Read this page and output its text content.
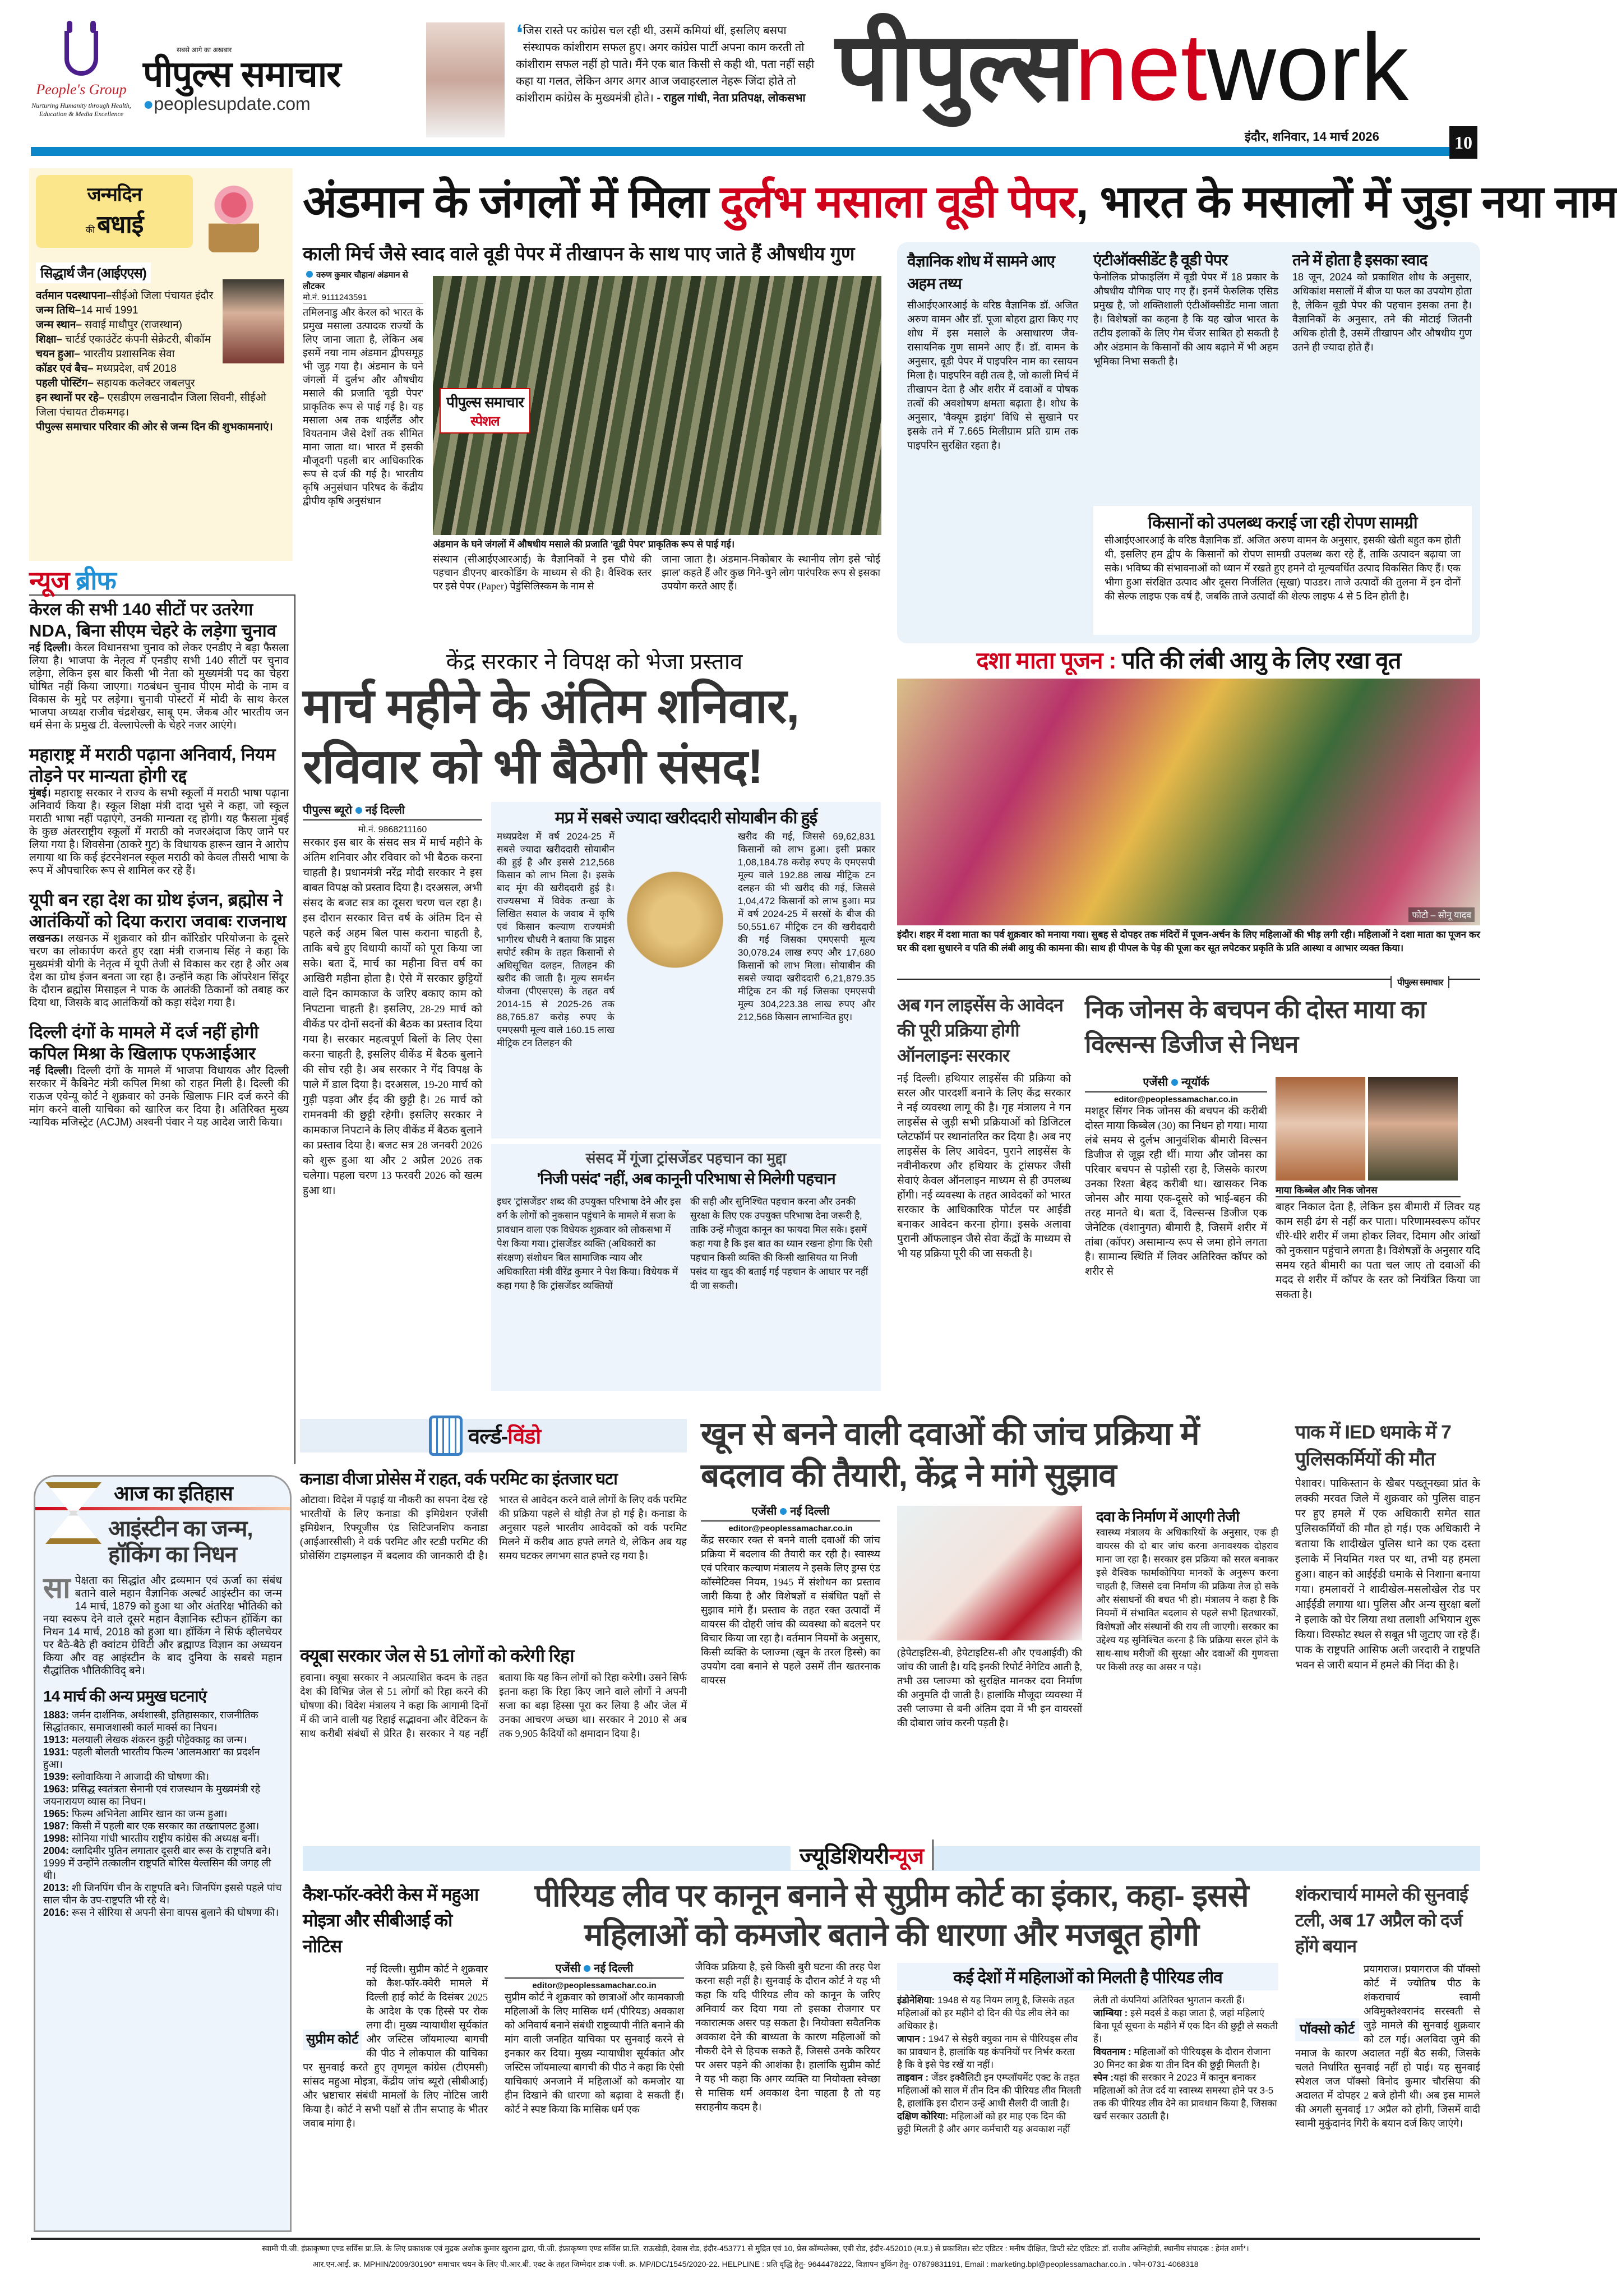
People's Group
Nurturing Humanity through Health, Education & Media Excellence
सबसे आगे का अखबार
पीपुल्स समाचार
●peoplesupdate.com
❛ जिस रास्ते पर कांग्रेस चल रही थी, उसमें कमियां थीं, इसलिए बसपा संस्थापक कांशीराम सफल हुए। अगर कांग्रेस पार्टी अपना काम करती तो कांशीराम सफल नहीं हो पाते। मैंने एक बात किसी से कही थी, पता नहीं सही कहा या गलत, लेकिन अगर अगर आज जवाहरलाल नेहरू जिंदा होते तो कांशीराम कांग्रेस के मुख्यमंत्री होते। - राहुल गांधी, नेता प्रतिपक्ष, लोकसभा पीपुल्सnetwork
इंदौर, शनिवार, 14 मार्च 2026	10
जन्मदिन
की बधाई
सिद्धार्थ जैन (आईएएस)
वर्तमान पदस्थापना–सीईओ जिला पंचायत इंदौर
जन्म तिथि–14 मार्च 1991
जन्म स्थान– सवाई माधौपुर (राजस्थान)
शिक्षा– चार्टर्ड एकाउंटेंट कंपनी सेक्रेटरी, बीकॉम
चयन हुआ– भारतीय प्रशासनिक सेवा
कॉडर एवं बैच– मध्यप्रदेश, वर्ष 2018
पहली पोस्टिंग– सहायक कलेक्टर जबलपुर
इन स्थानों पर रहे– एसडीएम लखनादौन जिला सिवनी, सीईओ जिला पंचायत टीकमगढ़।
पीपुल्स समाचार परिवार की ओर से जन्म दिन की शुभकामनाएं।
न्यूज ब्रीफ
केरल की सभी 140 सीटों पर उतरेगा NDA, बिना सीएम चेहरे के लड़ेगा चुनाव
नई दिल्ली। केरल विधानसभा चुनाव को लेकर एनडीए ने बड़ा फैसला लिया है। भाजपा के नेतृत्व में एनडीए सभी 140 सीटों पर चुनाव लड़ेगा, लेकिन इस बार किसी भी नेता को मुख्यमंत्री पद का चेहरा घोषित नहीं किया जाएगा। गठबंधन चुनाव पीएम मोदी के नाम व विकास के मुद्दे पर लड़ेगा। चुनावी पोस्टरों में मोदी के साथ केरल भाजपा अध्यक्ष राजीव चंद्रशेखर, साबू एम. जैकब और भारतीय जन धर्म सेना के प्रमुख टी. वेल्लापेल्ली के चेहरे नजर आएंगे।
महाराष्ट्र में मराठी पढ़ाना अनिवार्य, नियम तोड़ने पर मान्यता होगी रद्द
मुंबई। महाराष्ट्र सरकार ने राज्य के सभी स्कूलों में मराठी भाषा पढ़ाना अनिवार्य किया है। स्कूल शिक्षा मंत्री दादा भुसे ने कहा, जो स्कूल मराठी भाषा नहीं पढ़ाएंगे, उनकी मान्यता रद्द होगी। यह फैसला मुंबई के कुछ अंतरराष्ट्रीय स्कूलों में मराठी को नजरअंदाज किए जाने पर लिया गया है। शिवसेना (ठाकरे गुट) के विधायक हारून खान ने आरोप लगाया था कि कई इंटरनेशनल स्कूल मराठी को केवल तीसरी भाषा के रूप में औपचारिक रूप से शामिल कर रहे हैं।
यूपी बन रहा देश का ग्रोथ इंजन, ब्रह्मोस ने आतंकियों को दिया करारा जवाबः राजनाथ
लखनऊ। लखनऊ में शुक्रवार को ग्रीन कॉरिडोर परियोजना के दूसरे चरण का लोकार्पण करते हुए रक्षा मंत्री राजनाथ सिंह ने कहा कि मुख्यमंत्री योगी के नेतृत्व में यूपी तेजी से विकास कर रहा है और अब देश का ग्रोथ इंजन बनता जा रहा है। उन्होंने कहा कि ऑपरेशन सिंदूर के दौरान ब्रह्मोस मिसाइल ने पाक के आतंकी ठिकानों को तबाह कर दिया था, जिसके बाद आतंकियों को कड़ा संदेश गया है।
दिल्ली दंगों के मामले में दर्ज नहीं होगी कपिल मिश्रा के खिलाफ एफआईआर
नई दिल्ली। दिल्ली दंगों के मामले में भाजपा विधायक और दिल्ली सरकार में कैबिनेट मंत्री कपिल मिश्रा को राहत मिली है। दिल्ली की राऊज एवेन्यू कोर्ट ने शुक्रवार को उनके खिलाफ FIR दर्ज करने की मांग करने वाली याचिका को खारिज कर दिया है। अतिरिक्त मुख्य न्यायिक मजिस्ट्रेट (ACJM) अश्वनी पंवार ने यह आदेश जारी किया।
आज का इतिहास
आइंस्टीन का जन्म, हॉकिंग का निधन
सापेक्षता का सिद्धांत और द्रव्यमान एवं ऊर्जा का संबंध बताने वाले महान वैज्ञानिक अल्बर्ट आइंस्टीन का जन्म 14 मार्च, 1879 को हुआ था और अंतरिक्ष भौतिकी को नया स्वरूप देने वाले दूसरे महान वैज्ञानिक स्टीफन हॉकिंग का निधन 14 मार्च, 2018 को हुआ था। हॉकिंग ने सिर्फ व्हीलचेयर पर बैठे-बैठे ही क्वांटम ग्रेविटी और ब्रह्माण्ड विज्ञान का अध्ययन किया और वह आइंस्टीन के बाद दुनिया के सबसे महान सैद्धांतिक भौतिकीविद् बने।
14 मार्च की अन्य प्रमुख घटनाएं
1883: जर्मन दार्शनिक, अर्थशास्त्री, इतिहासकार, राजनीतिक सिद्धांतकार, समाजशास्त्री कार्ल मार्क्स का निधन।
1913: मलयाली लेखक शंकरन कुट्टी पोट्टेक्काट्ट का जन्म।
1931: पहली बोलती भारतीय फिल्म 'आलमआरा' का प्रदर्शन हुआ।
1939: स्लोवाकिया ने आजादी की घोषणा की।
1963: प्रसिद्ध स्वतंत्रता सेनानी एवं राजस्थान के मुख्यमंत्री रहे जयनारायण व्यास का निधन।
1965: फिल्म अभिनेता आमिर खान का जन्म हुआ।
1987: किसी में पहली बार एक सरकार का तख्तापलट हुआ।
1998: सोनिया गांधी भारतीय राष्ट्रीय कांग्रेस की अध्यक्ष बनीं।
2004: व्लादिमीर पुतिन लगातार दूसरी बार रूस के राष्ट्रपति बने। 1999 में उन्होंने तत्कालीन राष्ट्रपति बोरिस येल्तसिन की जगह ली थी।
2013: शी जिनपिंग चीन के राष्ट्रपति बने। जिनपिंग इससे पहले पांच साल चीन के उप-राष्ट्रपति भी रहे थे।
2016: रूस ने सीरिया से अपनी सेना वापस बुलाने की घोषणा की।
अंडमान के जंगलों में मिला दुर्लभ मसाला वूडी पेपर, भारत के मसालों में जुड़ा नया नाम
काली मिर्च जैसे स्वाद वाले वूडी पेपर में तीखापन के साथ पाए जाते हैं औषधीय गुण
वरुण कुमार चौहान/ अंडमान से लौटकर
मो.नं. 9111243591
तमिलनाडु और केरल को भारत के प्रमुख मसाला उत्पादक राज्यों के लिए जाना जाता है, लेकिन अब इसमें नया नाम अंडमान द्वीपसमूह भी जुड़ गया है। अंडमान के घने जंगलों में दुर्लभ और औषधीय मसाले की प्रजाति 'वूडी पेपर' प्राकृतिक रूप से पाई गई है। यह मसाला अब तक थाईलैंड और वियतनाम जैसे देशों तक सीमित माना जाता था। भारत में इसकी मौजूदगी पहली बार आधिकारिक रूप से दर्ज की गई है। भारतीय कृषि अनुसंधान परिषद के केंद्रीय द्वीपीय कृषि अनुसंधान
पीपुल्स समाचार
स्पेशल
अंडमान के घने जंगलों में औषधीय मसाले की प्रजाति 'वूडी पेपर' प्राकृतिक रूप से पाई गई।
संस्थान (सीआईएआरआई) के वैज्ञानिकों ने इस पौधे की पहचान डीएनए बारकोडिंग के माध्यम से की है। वैश्विक स्तर पर इसे पेपर (Paper) पेडुंसिलिस्कम के नाम से
जाना जाता है। अंडमान-निकोबार के स्थानीय लोग इसे 'चोई झाल' कहते हैं और कुछ गिने-चुने लोग पारंपरिक रूप से इसका उपयोग करते आए हैं।
वैज्ञानिक शोध में सामने आए अहम तथ्य
सीआईएआरआई के वरिष्ठ वैज्ञानिक डॉ. अजित अरुण वामन और डॉ. पूजा बोहरा द्वारा किए गए शोध में इस मसाले के असाधारण जैव-रासायनिक गुण सामने आए हैं। डॉ. वामन के अनुसार, वूडी पेपर में पाइपरिन नाम का रसायन मिला है। पाइपरिन वही तत्व है, जो काली मिर्च में तीखापन देता है और शरीर में दवाओं व पोषक तत्वों की अवशोषण क्षमता बढ़ाता है। शोध के अनुसार, 'वैक्यूम ड्राइंग' विधि से सुखाने पर इसके तने में 7.665 मिलीग्राम प्रति ग्राम तक पाइपरिन सुरक्षित रहता है।
एंटीऑक्सीडेंट है वूडी पेपर
फेनोलिक प्रोफाइलिंग में वूडी पेपर में 18 प्रकार के औषधीय यौगिक पाए गए हैं। इनमें फेरुलिक एसिड प्रमुख है, जो शक्तिशाली एंटीऑक्सीडेंट माना जाता है। विशेषज्ञों का कहना है कि यह खोज भारत के तटीय इलाकों के लिए गेम चेंजर साबित हो सकती है और अंडमान के किसानों की आय बढ़ाने में भी अहम भूमिका निभा सकती है।
तने में होता है इसका स्वाद
18 जून, 2024 को प्रकाशित शोध के अनुसार, अधिकांश मसालों में बीज या फल का उपयोग होता है, लेकिन वूडी पेपर की पहचान इसका तना है। वैज्ञानिकों के अनुसार, तने की मोटाई जितनी अधिक होती है, उसमें तीखापन और औषधीय गुण उतने ही ज्यादा होते हैं।
किसानों को उपलब्ध कराई जा रही रोपण सामग्री
सीआईएआरआई के वरिष्ठ वैज्ञानिक डॉ. अजित अरुण वामन के अनुसार, इसकी खेती बहुत कम होती थी, इसलिए हम द्वीप के किसानों को रोपण सामग्री उपलब्ध करा रहे हैं, ताकि उत्पादन बढ़ाया जा सके। भविष्य की संभावनाओं को ध्यान में रखते हुए हमने दो मूल्यवर्धित उत्पाद विकसित किए हैं। एक भीगा हुआ संरक्षित उत्पाद और दूसरा निर्जलित (सूखा) पाउडर। ताजे उत्पादों की तुलना में इन दोनों की सेल्फ लाइफ एक वर्ष है, जबकि ताजे उत्पादों की शेल्फ लाइफ 4 से 5 दिन होती है।
केंद्र सरकार ने विपक्ष को भेजा प्रस्ताव
मार्च महीने के अंतिम शनिवार, रविवार को भी बैठेगी संसद!
पीपुल्स ब्यूरो नई दिल्ली
मो.नं. 9868211160
सरकार इस बार के संसद सत्र में मार्च महीने के अंतिम शनिवार और रविवार को भी बैठक करना चाहती है। प्रधानमंत्री नरेंद्र मोदी सरकार ने इस बाबत विपक्ष को प्रस्ताव दिया है। दरअसल, अभी संसद के बजट सत्र का दूसरा चरण चल रहा है। इस दौरान सरकार वित्त वर्ष के अंतिम दिन से पहले कई अहम बिल पास कराना चाहती है, ताकि बचे हुए विधायी कार्यों को पूरा किया जा सके। बता दें, मार्च का महीना वित्त वर्ष का आखिरी महीना होता है। ऐसे में सरकार छुट्टियों वाले दिन कामकाज के जरिए बकाए काम को निपटाना चाहती है। इसलिए, 28-29 मार्च को वीकेंड पर दोनों सदनों की बैठक का प्रस्ताव दिया गया है। सरकार महत्वपूर्ण बिलों के लिए ऐसा करना चाहती है, इसलिए वीकेंड में बैठक बुलाने की सोच रही है। अब सरकार ने गेंद विपक्ष के पाले में डाल दिया है। दरअसल, 19-20 मार्च को गुड़ी पड़वा और ईद की छुट्टी है। 26 मार्च को रामनवमी की छुट्टी रहेगी। इसलिए सरकार ने कामकाज निपटाने के लिए वीकेंड में बैठक बुलाने का प्रस्ताव दिया है। बजट सत्र 28 जनवरी 2026 को शुरू हुआ था और 2 अप्रैल 2026 तक चलेगा। पहला चरण 13 फरवरी 2026 को खत्म हुआ था।
मप्र में सबसे ज्यादा खरीददारी सोयाबीन की हुई
मध्यप्रदेश में वर्ष 2024-25 में सबसे ज्यादा खरीददारी सोयाबीन की हुई है और इससे 212,568 किसान को लाभ मिला है। इसके बाद मूंग की खरीददारी हुई है। राज्यसभा में विवेक तन्खा के लिखित सवाल के जवाब में कृषि एवं किसान कल्याण राज्यमंत्री भागीरथ चौधरी ने बताया कि प्राइस सपोर्ट स्कीम के तहत किसानों से अधिसूचित दलहन, तिलहन की खरीद की जाती है। मूल्य समर्थन योजना (पीएसएस) के तहत वर्ष 2014-15 से 2025-26 तक 88,765.87 करोड़ रुपए के एमएसपी मूल्य वाले 160.15 लाख मीट्रिक टन तिलहन की
खरीद की गई, जिससे 69,62,831 किसानों को लाभ हुआ। इसी प्रकार 1,08,184.78 करोड़ रुपए के एमएसपी मूल्य वाले 192.88 लाख मीट्रिक टन दलहन की भी खरीद की गई, जिससे 1,04,472 किसानों को लाभ हुआ। मप्र में वर्ष 2024-25 में सरसों के बीज की 50,551.67 मीट्रिक टन की खरीददारी की गई जिसका एमएसपी मूल्य 30,078.24 लाख रुपए और 17,680 किसानों को लाभ मिला। सोयाबीन की सबसे ज्यादा खरीददारी 6,21,879.35 मीट्रिक टन की गई जिसका एमएसपी मूल्य 304,223.38 लाख रुपए और 212,568 किसान लाभान्वित हुए।
संसद में गूंजा ट्रांसजेंडर पहचान का मुद्दा
'निजी पसंद' नहीं, अब कानूनी परिभाषा से मिलेगी पहचान
इधर 'ट्रांसजेंडर' शब्द की उपयुक्त परिभाषा देने और इस वर्ग के लोगों को नुकसान पहुंचाने के मामले में सजा के प्रावधान वाला एक विधेयक शुक्रवार को लोकसभा में पेश किया गया। ट्रांसजेंडर व्यक्ति (अधिकारों का संरक्षण) संशोधन बिल सामाजिक न्याय और अधिकारिता मंत्री वीरेंद्र कुमार ने पेश किया। विधेयक में कहा गया है कि ट्रांसजेंडर व्यक्तियों
की सही और सुनिश्चित पहचान करना और उनकी सुरक्षा के लिए एक उपयुक्त परिभाषा देना जरूरी है, ताकि उन्हें मौजूदा कानून का फायदा मिल सके। इसमें कहा गया है कि इस बात का ध्यान रखना होगा कि ऐसी पहचान किसी व्यक्ति की किसी खासियत या निजी पसंद या खुद की बताई गई पहचान के आधार पर नहीं दी जा सकती।
दशा माता पूजन : पति की लंबी आयु के लिए रखा वृत
फोटो – सोनू यादव
इंदौर। शहर में दशा माता का पर्व शुक्रवार को मनाया गया। सुबह से दोपहर तक मंदिरों में पूजन-अर्चन के लिए महिलाओं की भीड़ लगी रही। महिलाओं ने दशा माता का पूजन कर घर की दशा सुधारने व पति की लंबी आयु की कामना की। साथ ही पीपल के पेड़ की पूजा कर सूत लपेटकर प्रकृति के प्रति आस्था व आभार व्यक्त किया।
पीपुल्स समाचार
अब गन लाइसेंस के आवेदन की पूरी प्रक्रिया होगी ऑनलाइनः सरकार
नई दिल्ली। हथियार लाइसेंस की प्रक्रिया को सरल और पारदर्शी बनाने के लिए केंद्र सरकार ने नई व्यवस्था लागू की है। गृह मंत्रालय ने गन लाइसेंस से जुड़ी सभी प्रक्रियाओं को डिजिटल प्लेटफॉर्म पर स्थानांतरित कर दिया है। अब नए लाइसेंस के लिए आवेदन, पुराने लाइसेंस के नवीनीकरण और हथियार के ट्रांसफर जैसी सेवाएं केवल ऑनलाइन माध्यम से ही उपलब्ध होंगी। नई व्यवस्था के तहत आवेदकों को भारत सरकार के आधिकारिक पोर्टल पर आईडी बनाकर आवेदन करना होगा। इसके अलावा पुरानी ऑफलाइन जैसे सेवा केंद्रों के माध्यम से भी यह प्रक्रिया पूरी की जा सकती है।
निक जोनस के बचपन की दोस्त माया का विल्सन्स डिजीज से निधन
एजेंसी न्यूयॉर्क
editor@peoplessamachar.co.in
मशहूर सिंगर निक जोनस की बचपन की करीबी दोस्त माया किब्बेल (30) का निधन हो गया। माया लंबे समय से दुर्लभ आनुवंशिक बीमारी विल्सन डिजीज से जूझ रही थीं। माया और जोनस का परिवार बचपन से पड़ोसी रहा है, जिसके कारण उनका रिश्ता बेहद करीबी था। खासकर निक जोनस और माया एक-दूसरे को भाई-बहन की तरह मानते थे। बता दें, विल्सन्स डिजीज एक जेनेटिक (वंशानुगत) बीमारी है, जिसमें शरीर में तांबा (कॉपर) असामान्य रूप से जमा होने लगता है। सामान्य स्थिति में लिवर अतिरिक्त कॉपर को शरीर से
माया किब्बेल और निक जोनस
बाहर निकाल देता है, लेकिन इस बीमारी में लिवर यह काम सही ढंग से नहीं कर पाता। परिणामस्वरूप कॉपर धीरे-धीरे शरीर में जमा होकर लिवर, दिमाग और आंखों को नुकसान पहुंचाने लगता है। विशेषज्ञों के अनुसार यदि समय रहते बीमारी का पता चल जाए तो दवाओं की मदद से शरीर में कॉपर के स्तर को नियंत्रित किया जा सकता है।
वर्ल्ड-विंडो
कनाडा वीजा प्रोसेस में राहत, वर्क परमिट का इंतजार घटा
ओटावा। विदेश में पढ़ाई या नौकरी का सपना देख रहे भारतीयों के लिए कनाडा की इमिग्रेशन एजेंसी इमिग्रेशन, रिफ्यूजीस एंड सिटिजनशिप कनाडा (आईआरसीसी) ने वर्क परमिट और स्टडी परमिट की प्रोसेसिंग टाइमलाइन में बदलाव की जानकारी दी है। भारत से आवेदन करने वाले लोगों के लिए वर्क परमिट की प्रक्रिया पहले से थोड़ी तेज हो गई है। कनाडा के अनुसार पहले भारतीय आवेदकों को वर्क परमिट मिलने में करीब आठ हफ्ते लगते थे, लेकिन अब यह समय घटकर लगभग सात हफ्ते रह गया है।
क्यूबा सरकार जेल से 51 लोगों को करेगी रिहा
हवाना। क्यूबा सरकार ने अप्रत्याशित कदम के तहत देश की विभिन्न जेल से 51 लोगों को रिहा करने की घोषणा की। विदेश मंत्रालय ने कहा कि आगामी दिनों में की जाने वाली यह रिहाई सद्भावना और वेटिकन के साथ करीबी संबंधों से प्रेरित है। सरकार ने यह नहीं बताया कि यह किन लोगों को रिहा करेगी। उसने सिर्फ इतना कहा कि रिहा किए जाने वाले लोगों ने अपनी सजा का बड़ा हिस्सा पूरा कर लिया है और जेल में उनका आचरण अच्छा था। सरकार ने 2010 से अब तक 9,905 कैदियों को क्षमादान दिया है।
खून से बनने वाली दवाओं की जांच प्रक्रिया में बदलाव की तैयारी, केंद्र ने मांगे सुझाव
एजेंसी नई दिल्ली
editor@peoplessamachar.co.in
केंद्र सरकार रक्त से बनने वाली दवाओं की जांच प्रक्रिया में बदलाव की तैयारी कर रही है। स्वास्थ्य एवं परिवार कल्याण मंत्रालय ने इसके लिए ड्रग्स एंड कॉस्मेटिक्स नियम, 1945 में संशोधन का प्रस्ताव जारी किया है और विशेषज्ञों व संबंधित पक्षों से सुझाव मांगे हैं। प्रस्ताव के तहत रक्त उत्पादों में वायरस की दोहरी जांच की व्यवस्था को बदलने पर विचार किया जा रहा है। वर्तमान नियमों के अनुसार, किसी व्यक्ति के प्लाज्मा (खून के तरल हिस्से) का उपयोग दवा बनाने से पहले उसमें तीन खतरनाक वायरस
(हेपेटाइटिस-बी, हेपेटाइटिस-सी और एचआईवी) की जांच की जाती है। यदि इनकी रिपोर्ट नेगेटिव आती है, तभी उस प्लाज्मा को सुरक्षित मानकर दवा निर्माण की अनुमति दी जाती है। हालांकि मौजूदा व्यवस्था में उसी प्लाज्मा से बनी अंतिम दवा में भी इन वायरसों की दोबारा जांच करनी पड़ती है।
दवा के निर्माण में आएगी तेजी
स्वास्थ्य मंत्रालय के अधिकारियों के अनुसार, एक ही वायरस की दो बार जांच करना अनावश्यक दोहराव माना जा रहा है। सरकार इस प्रक्रिया को सरल बनाकर इसे वैश्विक फार्माकोपिया मानकों के अनुरूप करना चाहती है, जिससे दवा निर्माण की प्रक्रिया तेज हो सके और संसाधनों की बचत भी हो। मंत्रालय ने कहा है कि नियमों में संभावित बदलाव से पहले सभी हितधारकों, विशेषज्ञों और संस्थानों की राय ली जाएगी। सरकार का उद्देश्य यह सुनिश्चित करना है कि प्रक्रिया सरल होने के साथ-साथ मरीजों की सुरक्षा और दवाओं की गुणवत्ता पर किसी तरह का असर न पड़े।
पाक में IED धमाके में 7 पुलिसकर्मियों की मौत
पेशावर। पाकिस्तान के खैबर पख्तूनख्वा प्रांत के लक्की मरवत जिले में शुक्रवार को पुलिस वाहन पर हुए हमले में एक अधिकारी समेत सात पुलिसकर्मियों की मौत हो गई। एक अधिकारी ने बताया कि शादीखेल पुलिस थाने का एक दस्ता इलाके में नियमित गश्त पर था, तभी यह हमला हुआ। वाहन को आईईडी धमाके से निशाना बनाया गया। हमलावरों ने शादीखेल-मसलोखेल रोड पर आईईडी लगाया था। पुलिस और अन्य सुरक्षा बलों ने इलाके को घेर लिया तथा तलाशी अभियान शुरू किया। विस्फोट स्थल से सबूत भी जुटाए जा रहे हैं। पाक के राष्ट्रपति आसिफ अली जरदारी ने राष्ट्रपति भवन से जारी बयान में हमले की निंदा की है।
ज्यूडिशियरीन्यूज
कैश-फॉर-क्वेरी केस में महुआ मोइत्रा और सीबीआई को नोटिस
सुप्रीम कोर्ट
नई दिल्ली। सुप्रीम कोर्ट ने शुक्रवार को कैश-फॉर-क्वेरी मामले में दिल्ली हाई कोर्ट के दिसंबर 2025 के आदेश के एक हिस्से पर रोक लगा दी। मुख्य न्यायाधीश सूर्यकांत और जस्टिस जॉयमाल्या बागची की पीठ ने लोकपाल की याचिका पर सुनवाई करते हुए तृणमूल कांग्रेस (टीएमसी) सांसद महुआ मोइत्रा, केंद्रीय जांच ब्यूरो (सीबीआई) और भ्रष्टाचार संबंधी मामलों के लिए नोटिस जारी किया है। कोर्ट ने सभी पक्षों से तीन सप्ताह के भीतर जवाब मांगा है।
पीरियड लीव पर कानून बनाने से सुप्रीम कोर्ट का इंकार, कहा- इससे महिलाओं को कमजोर बताने की धारणा और मजबूत होगी
एजेंसी नई दिल्ली
editor@peoplessamachar.co.in
सुप्रीम कोर्ट ने शुक्रवार को छात्राओं और कामकाजी महिलाओं के लिए मासिक धर्म (पीरियड) अवकाश को अनिवार्य बनाने संबंधी राष्ट्रव्यापी नीति बनाने की मांग वाली जनहित याचिका पर सुनवाई करने से इनकार कर दिया। मुख्य न्यायाधीश सूर्यकांत और जस्टिस जॉयमाल्या बागची की पीठ ने कहा कि ऐसी याचिकाएं अनजाने में महिलाओं को कमजोर या हीन दिखाने की धारणा को बढ़ावा दे सकती हैं। कोर्ट ने स्पष्ट किया कि मासिक धर्म एक
जैविक प्रक्रिया है, इसे किसी बुरी घटना की तरह पेश करना सही नहीं है। सुनवाई के दौरान कोर्ट ने यह भी कहा कि यदि पीरियड लीव को कानून के जरिए अनिवार्य कर दिया गया तो इसका रोजगार पर नकारात्मक असर पड़ सकता है। नियोक्ता सवैतनिक अवकाश देने की बाध्यता के कारण महिलाओं को नौकरी देने से हिचक सकते हैं, जिससे उनके करियर पर असर पड़ने की आशंका है। हालांकि सुप्रीम कोर्ट ने यह भी कहा कि अगर व्यक्ति या नियोक्ता स्वेच्छा से मासिक धर्म अवकाश देना चाहता है तो यह सराहनीय कदम है।
कई देशों में महिलाओं को मिलती है पीरियड लीव
इंडोनेशिया: 1948 से यह नियम लागू है, जिसके तहत महिलाओं को हर महीने दो दिन की पेड लीव लेने का अधिकार है।
जापान : 1947 से सेइरी क्युका नाम से पीरियड्स लीव का प्रावधान है, हालांकि यह कंपनियों पर निर्भर करता है कि वे इसे पेड रखें या नहीं।
ताइवान : जेंडर इक्वैलिटी इन एम्प्लॉयमेंट एक्ट के तहत महिलाओं को साल में तीन दिन की पीरियड लीव मिलती है, हालांकि इस दौरान उन्हें आधी सैलरी दी जाती है।
दक्षिण कोरिया: महिलाओं को हर माह एक दिन की छुट्टी मिलती है और अगर कर्मचारी यह अवकाश नहीं लेती तो कंपनियां अतिरिक्त भुगतान करती हैं।
जाम्बिया : इसे मदर्स डे कहा जाता है, जहां महिलाएं बिना पूर्व सूचना के महीने में एक दिन की छुट्टी ले सकती हैं।
वियतनाम : महिलाओं को पीरियड्स के दौरान रोजाना 30 मिनट का ब्रेक या तीन दिन की छुट्टी मिलती है।
स्पेन :यहां की सरकार ने 2023 में कानून बनाकर महिलाओं को तेज दर्द या स्वास्थ्य समस्या होने पर 3-5 तक की पीरियड लीव देने का प्रावधान किया है, जिसका खर्च सरकार उठाती है।
शंकराचार्य मामले की सुनवाई टली, अब 17 अप्रैल को दर्ज होंगे बयान
पॉक्सो कोर्ट
प्रयागराज। प्रयागराज की पॉक्सो कोर्ट में ज्योतिष पीठ के शंकराचार्य स्वामी अविमुक्तेश्वरानंद सरस्वती से जुड़े मामले की सुनवाई शुक्रवार को टल गई। अलविदा जुमे की नमाज के कारण अदालत नहीं बैठ सकी, जिसके चलते निर्धारित सुनवाई नहीं हो पाई। यह सुनवाई स्पेशल जज पॉक्सो विनोद कुमार चौरसिया की अदालत में दोपहर 2 बजे होनी थी। अब इस मामले की अगली सुनवाई 17 अप्रैल को होगी, जिसमें वादी स्वामी मुकुंदानंद गिरी के बयान दर्ज किए जाएंगे।
स्वामी पी.जी. इंफ्राकृष्णा एण्ड सर्विस प्रा.लि. के लिए प्रकाशक एवं मुद्रक अशोक कुमार खुराना द्वारा, पी.जी. इंफ्राकृष्णा एण्ड सर्विस प्रा.लि. राऊखेड़ी, देवास रोड, इंदौर-453771 से मुद्रित एवं 10, प्रेस कॉम्पलेक्स, एबी रोड, इंदौर-452010 (म.प्र.) से प्रकाशित। स्टेट एडिटर : मनीष दीक्षित, डिप्टी स्टेट एडिटर: डॉ. राजीव अग्निहोत्री, स्थानीय संपादक : हेमंत शर्मा*।
आर.एन.आई. क्र. MPHIN/2009/30190* समाचार चयन के लिए पी.आर.बी. एक्ट के तहत जिम्मेदार डाक पंजी. क्र. MP/IDC/1545/2020-22. HELPLINE : प्रति वृद्धि हेतु- 9644478222, विज्ञापन बुकिंग हेतु- 07879831191, Email : marketing.bpl@peoplessamachar.co.in . फोन-0731-4068318
